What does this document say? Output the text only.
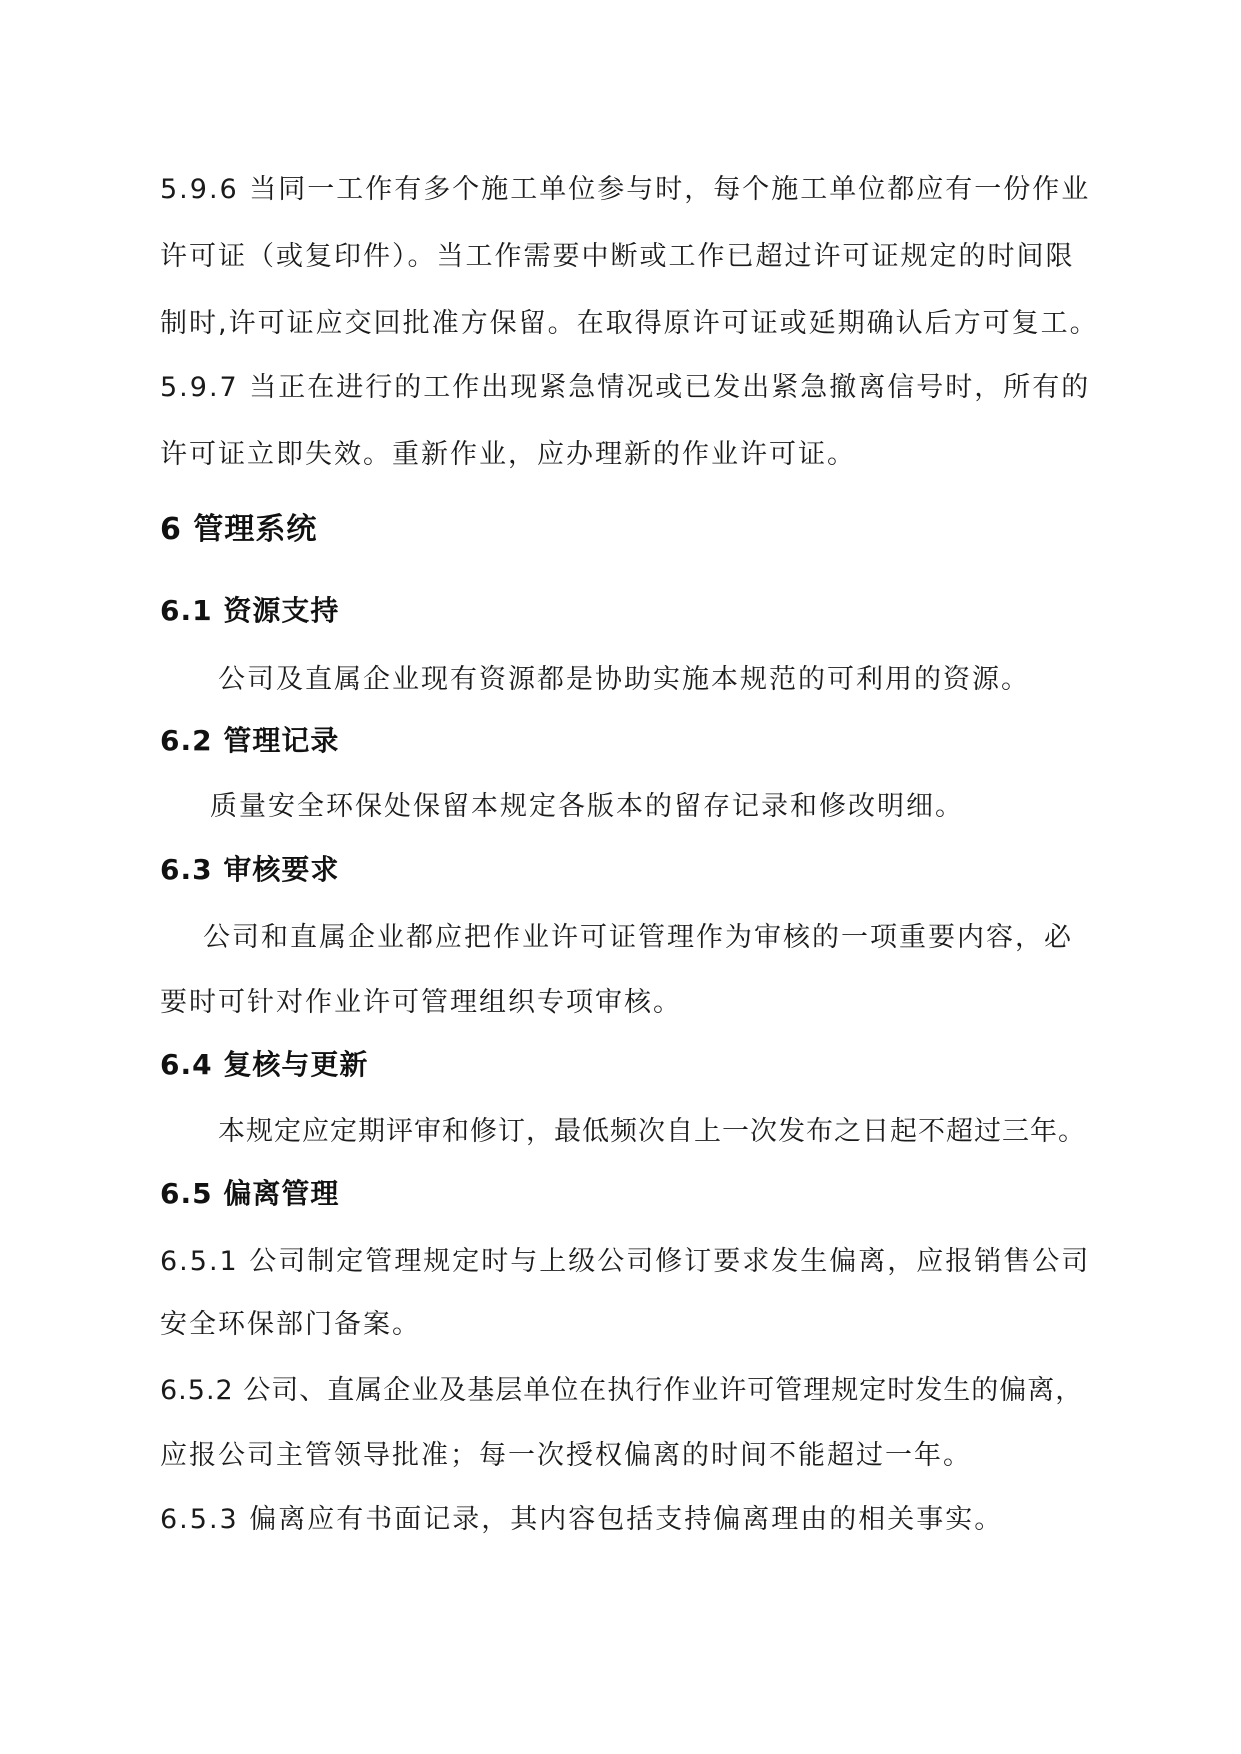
5.9.6 当同一工作有多个施工单位参与时，每个施工单位都应有一份作业
许可证（或复印件）。当工作需要中断或工作已超过许可证规定的时间限
制时,许可证应交回批准方保留。在取得原许可证或延期确认后方可复工。
5.9.7 当正在进行的工作出现紧急情况或已发出紧急撤离信号时，所有的
许可证立即失效。重新作业，应办理新的作业许可证。
6 管理系统
6.1 资源支持
公司及直属企业现有资源都是协助实施本规范的可利用的资源。
6.2 管理记录
质量安全环保处保留本规定各版本的留存记录和修改明细。
6.3 审核要求
公司和直属企业都应把作业许可证管理作为审核的一项重要内容，必
要时可针对作业许可管理组织专项审核。
6.4 复核与更新
本规定应定期评审和修订，最低频次自上一次发布之日起不超过三年。
6.5 偏离管理
6.5.1 公司制定管理规定时与上级公司修订要求发生偏离，应报销售公司
安全环保部门备案。
6.5.2 公司、直属企业及基层单位在执行作业许可管理规定时发生的偏离，
应报公司主管领导批准；每一次授权偏离的时间不能超过一年。
6.5.3 偏离应有书面记录，其内容包括支持偏离理由的相关事实。
